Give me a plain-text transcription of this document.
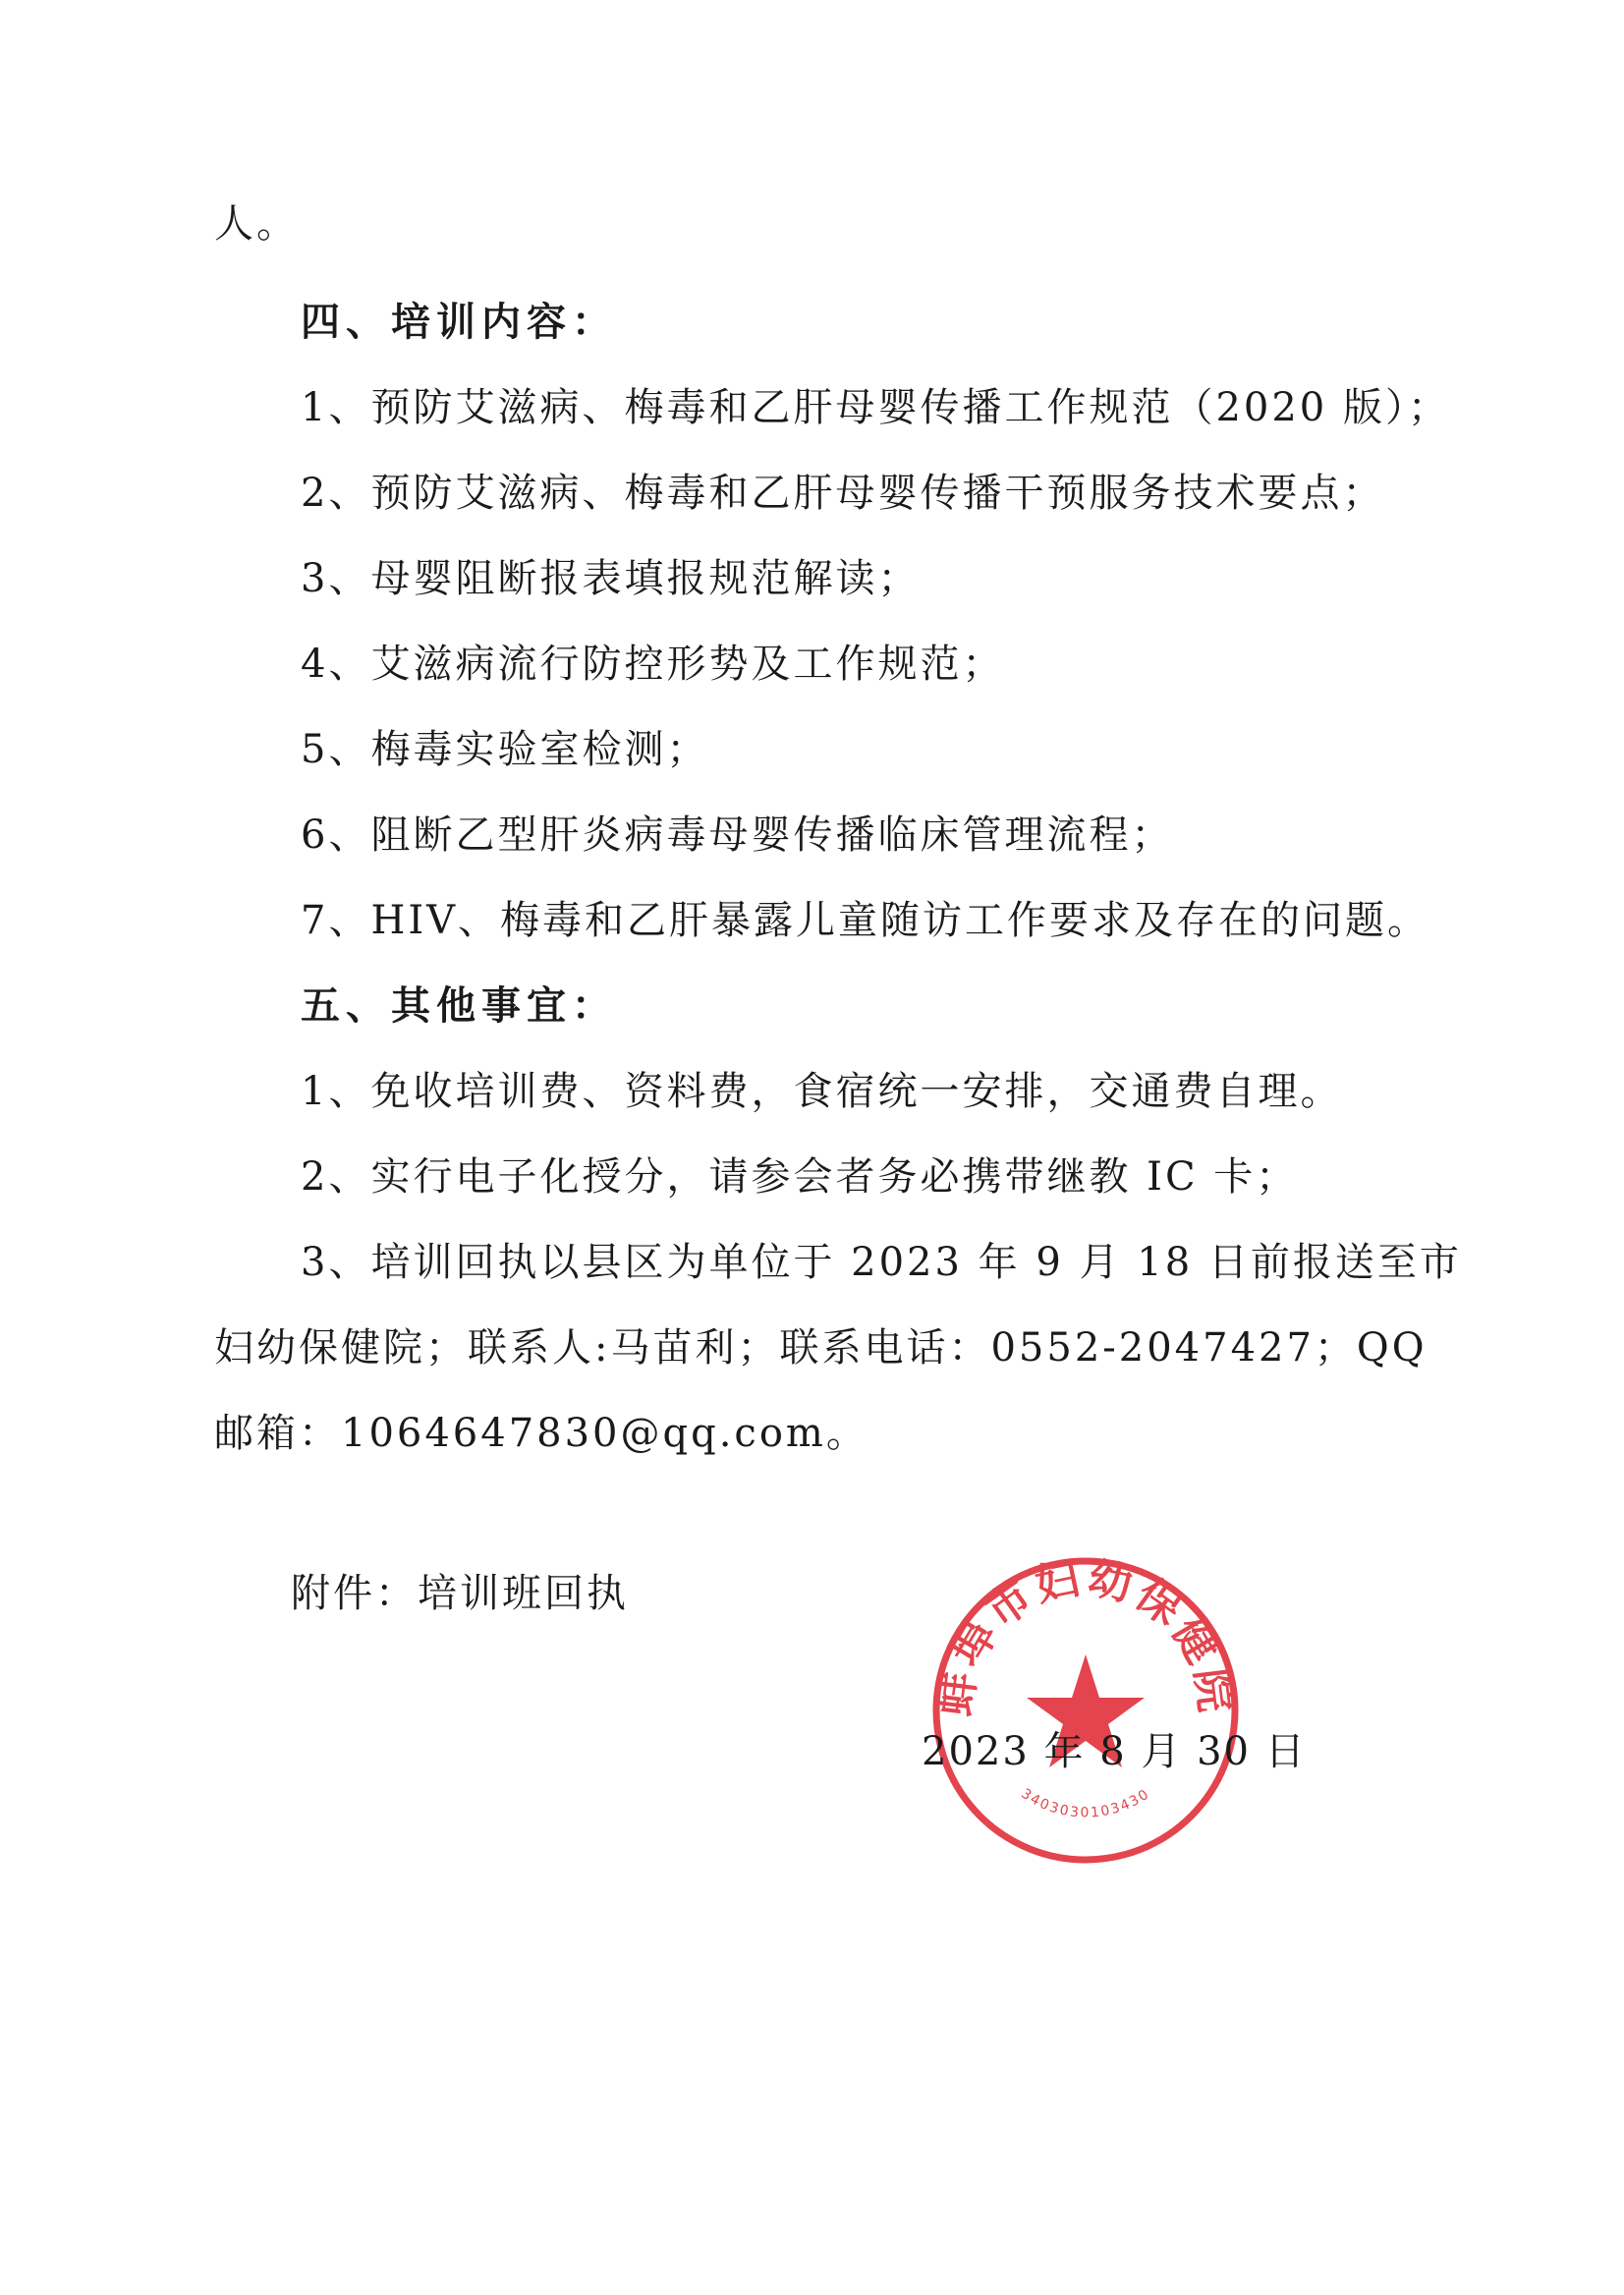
人。
四、培训内容：
1、预防艾滋病、梅毒和乙肝母婴传播工作规范（2020 版）；
2、预防艾滋病、梅毒和乙肝母婴传播干预服务技术要点；
3、母婴阻断报表填报规范解读；
4、艾滋病流行防控形势及工作规范；
5、梅毒实验室检测；
6、阻断乙型肝炎病毒母婴传播临床管理流程；
7、HIV、梅毒和乙肝暴露儿童随访工作要求及存在的问题。
五、其他事宜：
1、免收培训费、资料费，食宿统一安排，交通费自理。
2、实行电子化授分，请参会者务必携带继教 IC 卡；
3、培训回执以县区为单位于 2023 年 9 月 18 日前报送至市
妇幼保健院；联系人:马苗利；联系电话：0552-2047427；QQ
邮箱：1064647830@qq.com。
附件：培训班回执
蚌埠市妇幼保健院
3403030103430
2023 年 8 月 30 日
